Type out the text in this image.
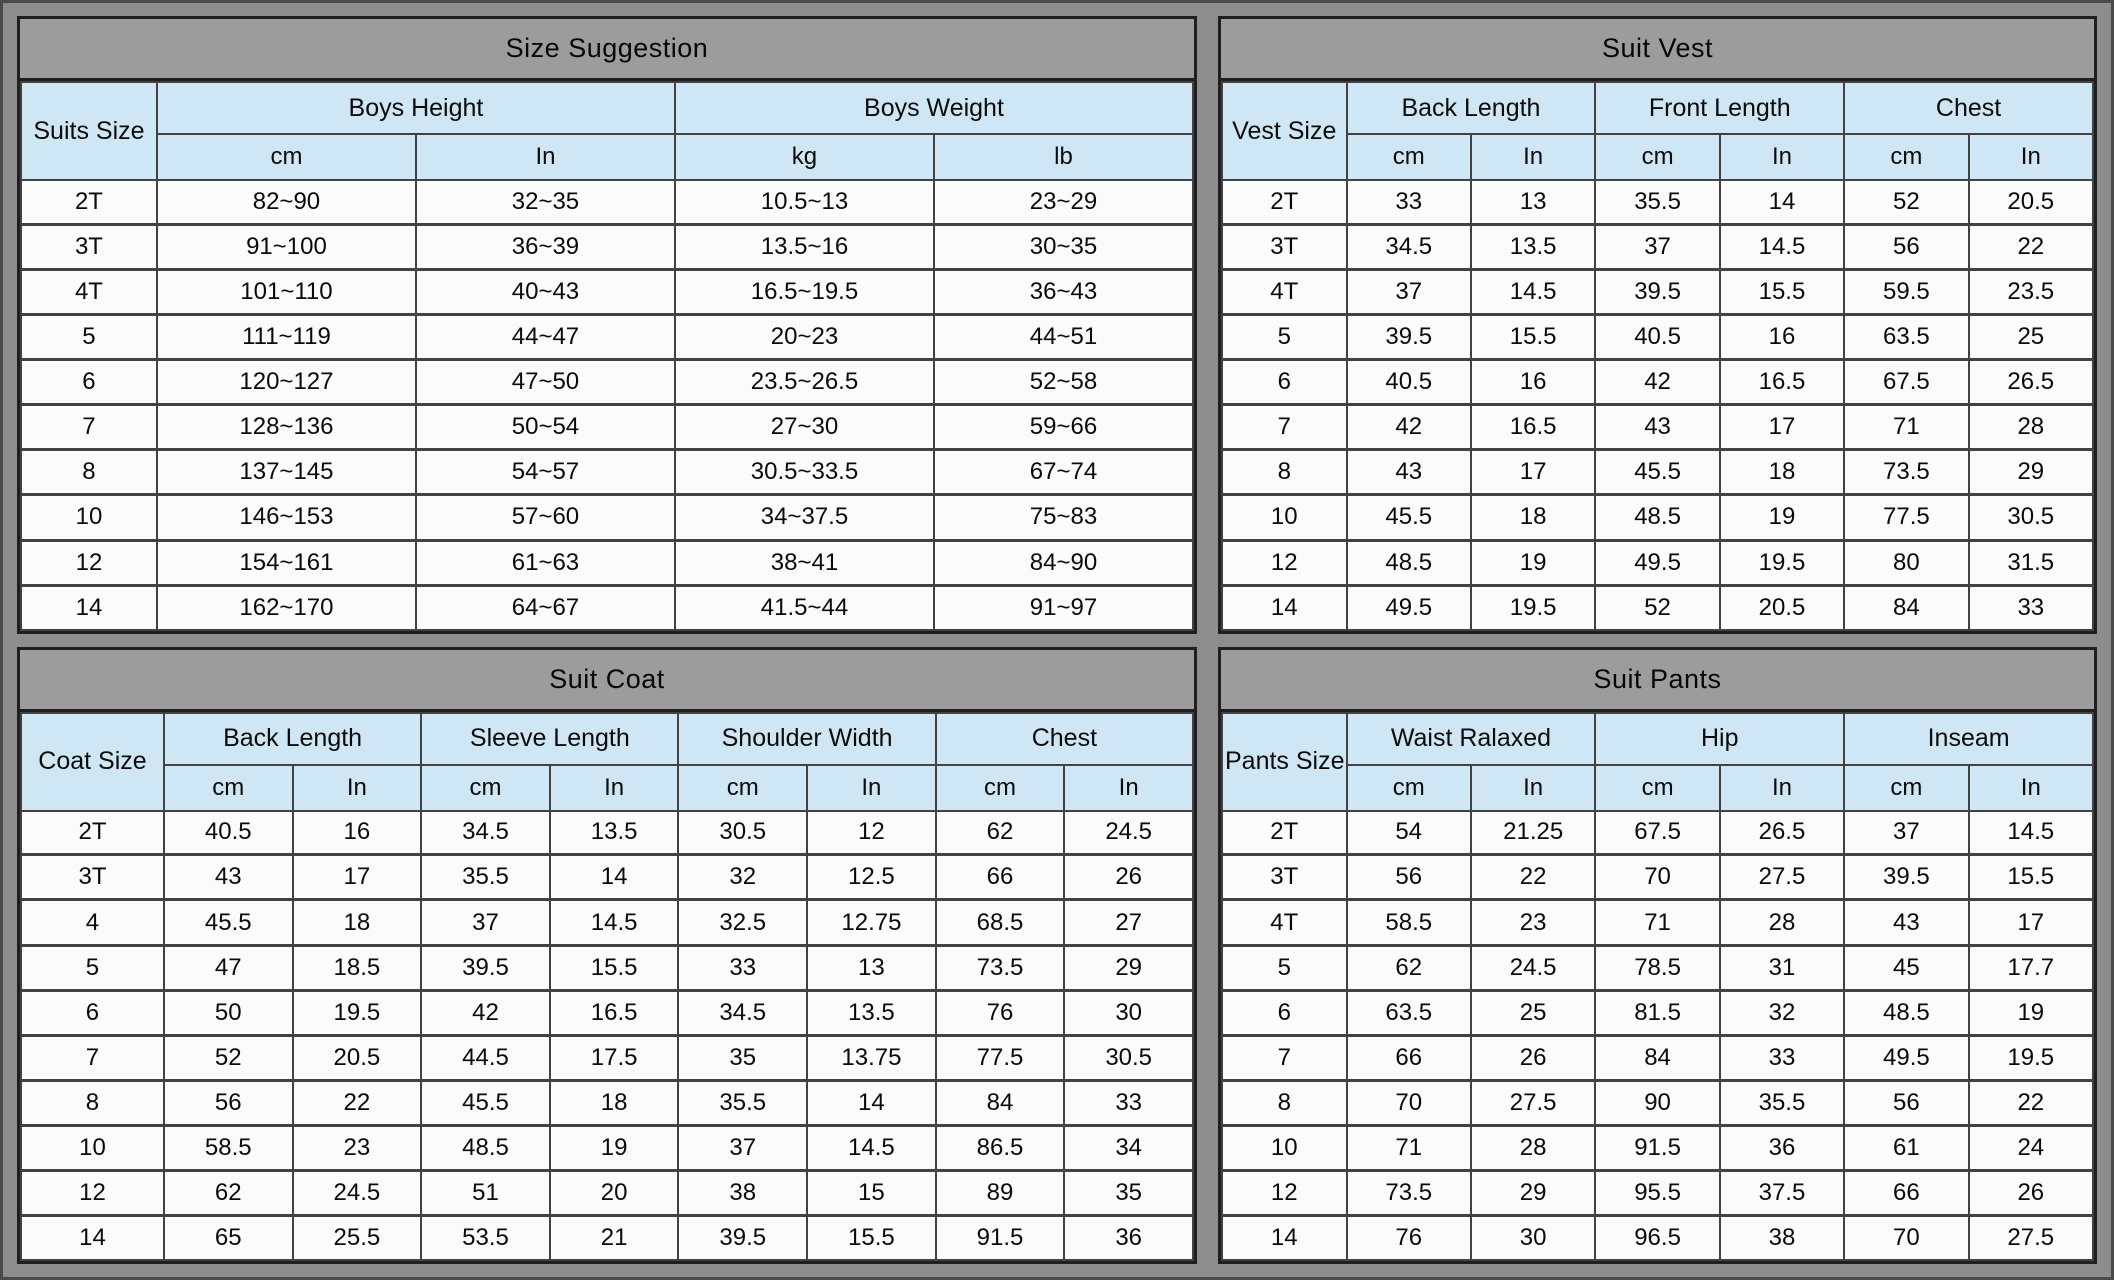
Size Suggestion
Suits Size	Boys Height		Boys Weight	
	cm	In	kg	lb
2T	82~90	32~35	10.5~13	23~29
3T	91~100	36~39	13.5~16	30~35
4T	101~110	40~43	16.5~19.5	36~43
5	111~119	44~47	20~23	44~51
6	120~127	47~50	23.5~26.5	52~58
7	128~136	50~54	27~30	59~66
8	137~145	54~57	30.5~33.5	67~74
10	146~153	57~60	34~37.5	75~83
12	154~161	61~63	38~41	84~90
14	162~170	64~67	41.5~44	91~97
Suit Vest
Vest Size	Back Length		Front Length		Chest	
	cm	In	cm	In	cm	In
2T	33	13	35.5	14	52	20.5
3T	34.5	13.5	37	14.5	56	22
4T	37	14.5	39.5	15.5	59.5	23.5
5	39.5	15.5	40.5	16	63.5	25
6	40.5	16	42	16.5	67.5	26.5
7	42	16.5	43	17	71	28
8	43	17	45.5	18	73.5	29
10	45.5	18	48.5	19	77.5	30.5
12	48.5	19	49.5	19.5	80	31.5
14	49.5	19.5	52	20.5	84	33
Suit Coat
Coat Size	Back Length		Sleeve Length		Shoulder Width		Chest	
	cm	In	cm	In	cm	In	cm	In
2T	40.5	16	34.5	13.5	30.5	12	62	24.5
3T	43	17	35.5	14	32	12.5	66	26
4	45.5	18	37	14.5	32.5	12.75	68.5	27
5	47	18.5	39.5	15.5	33	13	73.5	29
6	50	19.5	42	16.5	34.5	13.5	76	30
7	52	20.5	44.5	17.5	35	13.75	77.5	30.5
8	56	22	45.5	18	35.5	14	84	33
10	58.5	23	48.5	19	37	14.5	86.5	34
12	62	24.5	51	20	38	15	89	35
14	65	25.5	53.5	21	39.5	15.5	91.5	36
Suit Pants
Pants Size	Waist Ralaxed		Hip		Inseam	
	cm	In	cm	In	cm	In
2T	54	21.25	67.5	26.5	37	14.5
3T	56	22	70	27.5	39.5	15.5
4T	58.5	23	71	28	43	17
5	62	24.5	78.5	31	45	17.7
6	63.5	25	81.5	32	48.5	19
7	66	26	84	33	49.5	19.5
8	70	27.5	90	35.5	56	22
10	71	28	91.5	36	61	24
12	73.5	29	95.5	37.5	66	26
14	76	30	96.5	38	70	27.5
